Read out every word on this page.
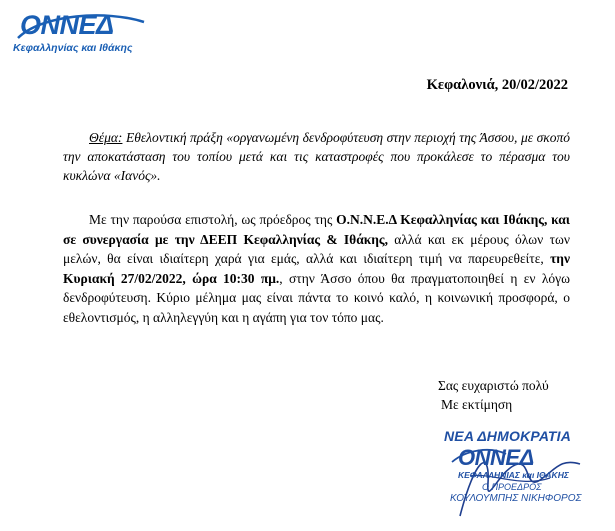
ΟΝΝΕΔ
Κεφαλληνίας και Ιθάκης
Κεφαλονιά, 20/02/2022
Θέμα: Εθελοντική πράξη «οργανωμένη δενδροφύτευση στην περιοχή της Άσσου, με σκοπό την αποκατάσταση του τοπίου μετά και τις καταστροφές που προκάλεσε το πέρασμα του κυκλώνα «Ιανός».
Με την παρούσα επιστολή, ως πρόεδρος της Ο.Ν.Ν.Ε.Δ Κεφαλληνίας και Ιθάκης, και σε συνεργασία με την ΔΕΕΠ Κεφαλληνίας & Ιθάκης, αλλά και εκ μέρους όλων των μελών, θα είναι ιδιαίτερη χαρά για εμάς, αλλά και ιδιαίτερη τιμή να παρευρεθείτε, την Κυριακή 27/02/2022, ώρα 10:30 πμ., στην Άσσο όπου θα πραγματοποιηθεί η εν λόγω δενδροφύτευση. Κύριο μέλημα μας είναι πάντα το κοινό καλό, η κοινωνική προσφορά, ο εθελοντισμός, η αλληλεγγύη και η αγάπη για τον τόπο μας.
Σας ευχαριστώ πολύ
Με εκτίμηση
ΝΕΑ ΔΗΜΟΚΡΑΤΙΑ
ΟΝΝΕΔ
ΚΕΦΑΛΛΗΝΙΑΣ και ΙΘΑΚΗΣ
Ο ΠΡΟΕΔΡΟΣ
ΚΟΥΛΟΥΜΠΗΣ ΝΙΚΗΦΟΡΟΣ
